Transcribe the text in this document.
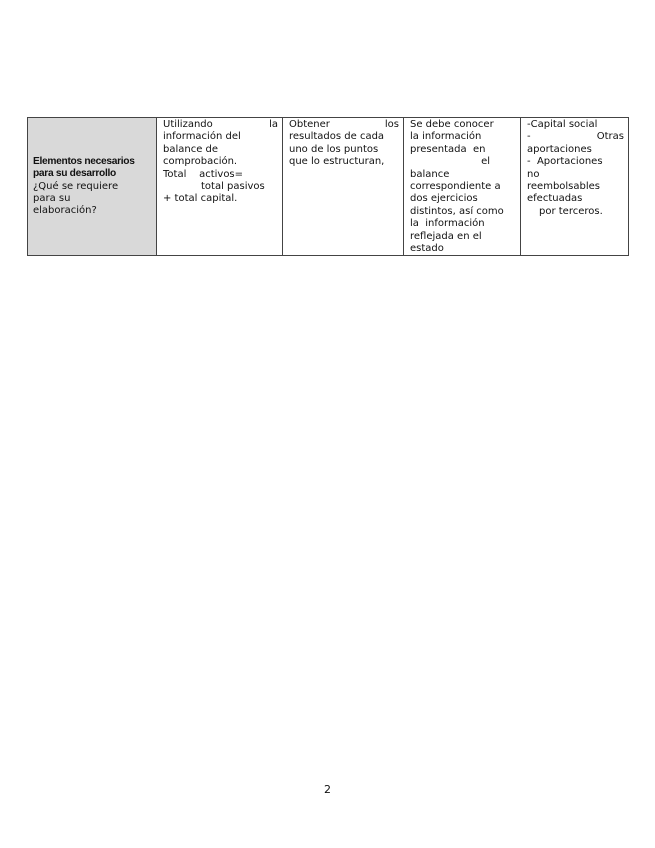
Elementos necesarios
para su desarrollo
¿Qué se requiere
para su
elaboración?

Utilizando	la
información del
balance de
comprobación.
Total    activos=
total pasivos
+ total capital.

Obtener	los
resultados de cada
uno de los puntos
que lo estructuran,

Se debe conocer
la información
presentada  en
el
balance
correspondiente a
dos ejercicios
distintos, así como
la  información
reflejada en el
estado

-Capital social
-	Otras
aportaciones
-  Aportaciones
no
reembolsables
efectuadas
por terceros.
2
